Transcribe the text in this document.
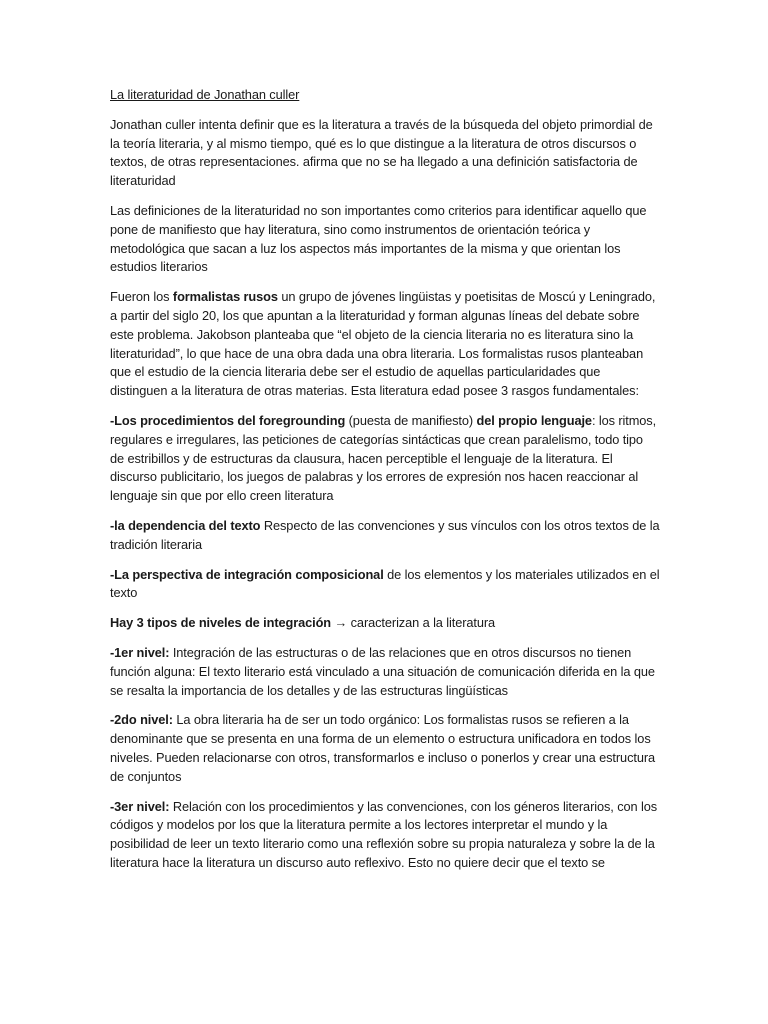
La literaturidad de Jonathan culler

Jonathan culler intenta definir que es la literatura a través de la búsqueda del objeto primordial de la teoría literaria, y al mismo tiempo, qué es lo que distingue a la literatura de otros discursos o textos, de otras representaciones. afirma que no se ha llegado a una definición satisfactoria de literaturidad

Las definiciones de la literaturidad no son importantes como criterios para identificar aquello que pone de manifiesto que hay literatura, sino como instrumentos de orientación teórica y metodológica que sacan a luz los aspectos más importantes de la misma y que orientan los estudios literarios

Fueron los formalistas rusos un grupo de jóvenes lingüistas y poetisitas de Moscú y Leningrado, a partir del siglo 20, los que apuntan a la literaturidad y forman algunas líneas del debate sobre este problema. Jakobson planteaba que “el objeto de la ciencia literaria no es literatura sino la literaturidad”, lo que hace de una obra dada una obra literaria. Los formalistas rusos planteaban que el estudio de la ciencia literaria debe ser el estudio de aquellas particularidades que distinguen a la literatura de otras materias. Esta literatura edad posee 3 rasgos fundamentales:

-Los procedimientos del foregrounding (puesta de manifiesto) del propio lenguaje: los ritmos, regulares e irregulares, las peticiones de categorías sintácticas que crean paralelismo, todo tipo de estribillos y de estructuras da clausura, hacen perceptible el lenguaje de la literatura. El discurso publicitario, los juegos de palabras y los errores de expresión nos hacen reaccionar al lenguaje sin que por ello creen literatura

-la dependencia del texto Respecto de las convenciones y sus vínculos con los otros textos de la tradición literaria

-La perspectiva de integración composicional de los elementos y los materiales utilizados en el texto

Hay 3 tipos de niveles de integración → caracterizan a la literatura

-1er nivel: Integración de las estructuras o de las relaciones que en otros discursos no tienen función alguna: El texto literario está vinculado a una situación de comunicación diferida en la que se resalta la importancia de los detalles y de las estructuras lingüísticas

-2do nivel: La obra literaria ha de ser un todo orgánico: Los formalistas rusos se refieren a la denominante que se presenta en una forma de un elemento o estructura unificadora en todos los niveles. Pueden relacionarse con otros, transformarlos e incluso o ponerlos y crear una estructura de conjuntos

-3er nivel: Relación con los procedimientos y las convenciones, con los géneros literarios, con los códigos y modelos por los que la literatura permite a los lectores interpretar el mundo y la posibilidad de leer un texto literario como una reflexión sobre su propia naturaleza y sobre la de la literatura hace la literatura un discurso auto reflexivo. Esto no quiere decir que el texto se
